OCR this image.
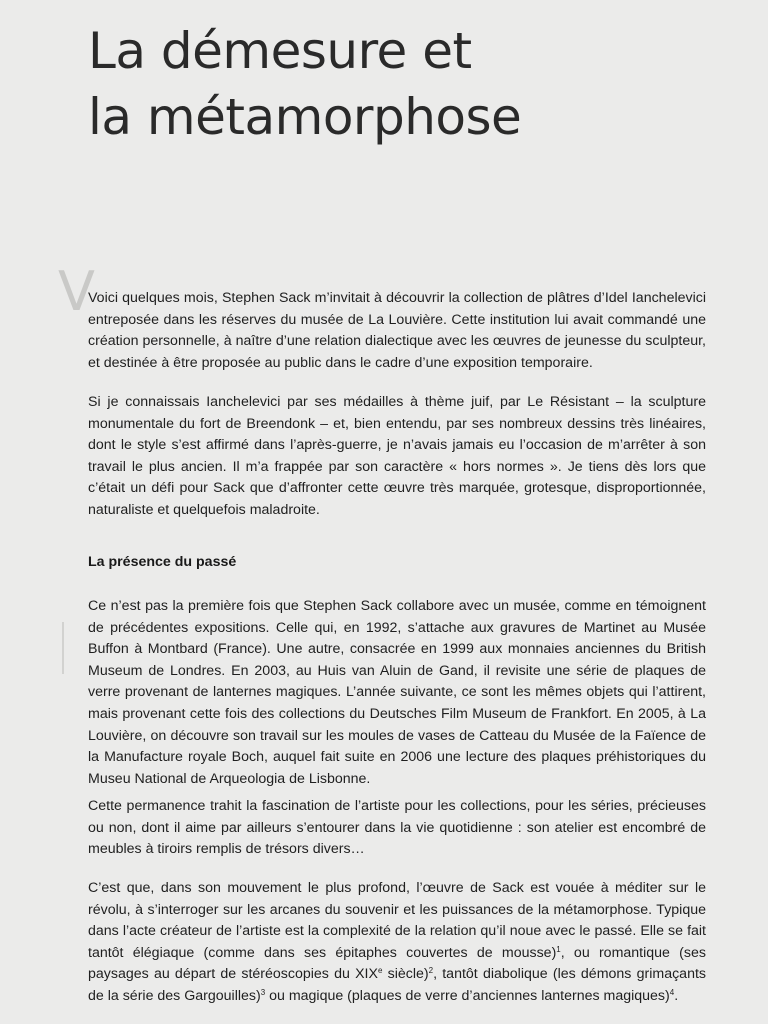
La démesure et
la métamorphose
V

Voici quelques mois, Stephen Sack m’invitait à découvrir la collection de plâtres d’Idel Ianchelevici entreposée dans les réserves du musée de La Louvière. Cette institution lui avait commandé une création personnelle, à naître d’une relation dialectique avec les œuvres de jeunesse du sculpteur, et destinée à être proposée au public dans le cadre d’une exposition temporaire.

Si je connaissais Ianchelevici par ses médailles à thème juif, par Le Résistant – la sculpture monumentale du fort de Breendonk – et, bien entendu, par ses nombreux dessins très linéaires, dont le style s’est affirmé dans l’après-guerre, je n’avais jamais eu l’occasion de m’arrêter à son travail le plus ancien. Il m’a frappée par son caractère « hors normes ». Je tiens dès lors que c’était un défi pour Sack que d’affronter cette œuvre très marquée, grotesque, disproportionnée, naturaliste et quelquefois maladroite.

La présence du passé

Ce n’est pas la première fois que Stephen Sack collabore avec un musée, comme en témoignent de précédentes expositions. Celle qui, en 1992, s’attache aux gravures de Martinet au Musée Buffon à Montbard (France). Une autre, consacrée en 1999 aux monnaies anciennes du British Museum de Londres. En 2003, au Huis van Aluin de Gand, il revisite une série de plaques de verre provenant de lanternes magiques. L’année suivante, ce sont les mêmes objets qui l’attirent, mais provenant cette fois des collections du Deutsches Film Museum de Frankfort. En 2005, à La Louvière, on découvre son travail sur les moules de vases de Catteau du Musée de la Faïence de la Manufacture royale Boch, auquel fait suite en 2006 une lecture des plaques préhistoriques du Museu National de Arqueologia de Lisbonne.

Cette permanence trahit la fascination de l’artiste pour les collections, pour les séries, précieuses ou non, dont il aime par ailleurs s’entourer dans la vie quotidienne : son atelier est encombré de meubles à tiroirs remplis de trésors divers…

C’est que, dans son mouvement le plus profond, l’œuvre de Sack est vouée à méditer sur le révolu, à s’interroger sur les arcanes du souvenir et les puissances de la métamorphose. Typique dans l’acte créateur de l’artiste est la complexité de la relation qu’il noue avec le passé. Elle se fait tantôt élégiaque (comme dans ses épitaphes couvertes de mousse)$^1$, ou romantique (ses paysages au départ de stéréoscopies du XIXe siècle)$^2$, tantôt diabolique (les démons grimaçants de la série des Gargouilles)$^3$ ou magique (plaques de verre d’anciennes lanternes magiques)$^4$.
